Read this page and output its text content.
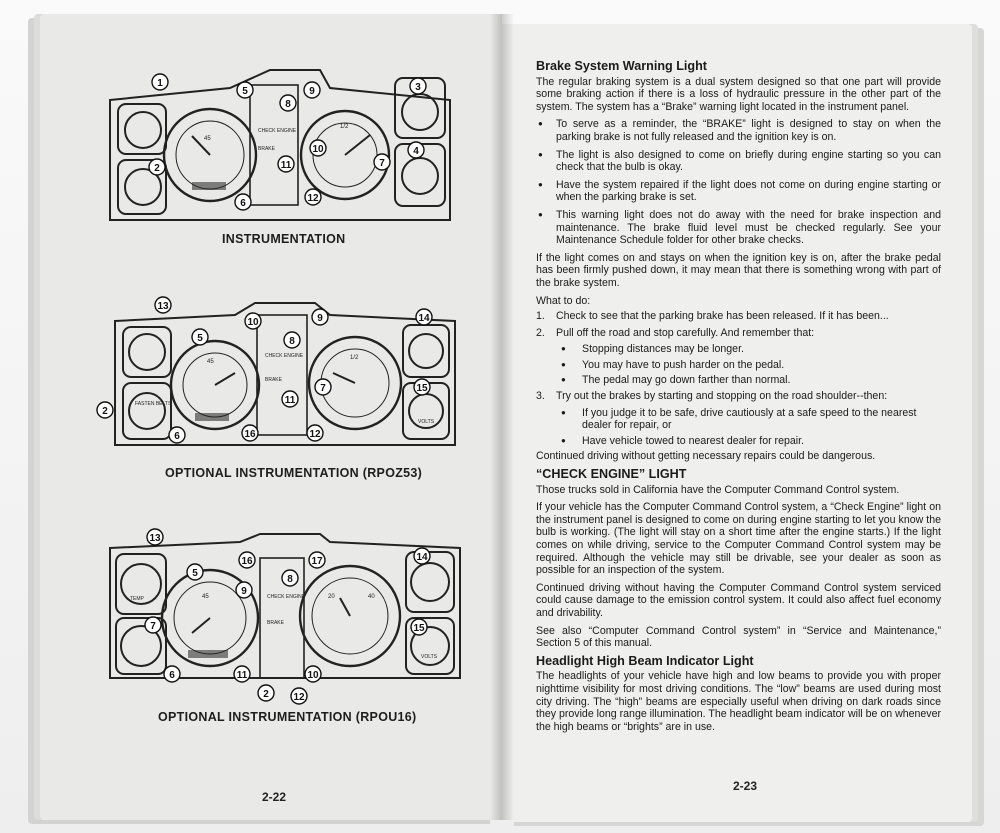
CHECK ENGINE
BRAKE
45
1/2
1
2
3
4
5
6
7
8
9
10
11
12
INSTRUMENTATION
CHECK ENGINE
BRAKE
FASTEN BELTS
VOLTS
45
1/2
13
14
2
5
10
8
9
7	15
11
6	16	12
OPTIONAL INSTRUMENTATION (RPOZ53)
CHECK ENGINE
BRAKE
TEMP
VOLTS
45	20	40
13
14
5
16
8
17
9
7	15
6	11	10
2 12
OPTIONAL INSTRUMENTATION (RPOU16)
2-22
Brake System Warning Light

The regular braking system is a dual system designed so that one part will provide some braking action if there is a loss of hydraulic pressure in the other part of the system. The system has a “Brake” warning light located in the instrument panel.

● To serve as a reminder, the “BRAKE” light is designed to stay on when the parking brake is not fully released and the ignition key is on.
● The light is also designed to come on briefly during engine starting so you can check that the bulb is okay.
● Have the system repaired if the light does not come on during engine starting or when the parking brake is set.
● This warning light does not do away with the need for brake inspection and maintenance. The brake fluid level must be checked regularly. See your Maintenance Schedule folder for other brake checks.

If the light comes on and stays on when the ignition key is on, after the brake pedal has been firmly pushed down, it may mean that there is something wrong with part of the brake system.

What to do:

1. Check to see that the parking brake has been released. If it has been...
2. Pull off the road and stop carefully. And remember that:
● Stopping distances may be longer.
● You may have to push harder on the pedal.
● The pedal may go down farther than normal.
3. Try out the brakes by starting and stopping on the road shoulder--then:
● If you judge it to be safe, drive cautiously at a safe speed to the nearest dealer for repair, or
● Have vehicle towed to nearest dealer for repair.

Continued driving without getting necessary repairs could be dangerous.

“CHECK ENGINE” LIGHT

Those trucks sold in California have the Computer Command Control system.

If your vehicle has the Computer Command Control system, a “Check Engine” light on the instrument panel is designed to come on during engine starting to let you know the bulb is working. (The light will stay on a short time after the engine starts.) If the light comes on while driving, service to the Computer Command Control system may be required. Although the vehicle may still be drivable, see your dealer as soon as possible for an inspection of the system.

Continued driving without having the Computer Command Control system serviced could cause damage to the emission control system. It could also affect fuel economy and drivability.

See also “Computer Command Control system” in “Service and Maintenance,” Section 5 of this manual.

Headlight High Beam Indicator Light

The headlights of your vehicle have high and low beams to provide you with proper nighttime visibility for most driving conditions. The “low” beams are used during most city driving. The “high” beams are especially useful when driving on dark roads since they provide long range illumination. The headlight beam indicator will be on whenever the high beams or “brights” are in use.

2-23
